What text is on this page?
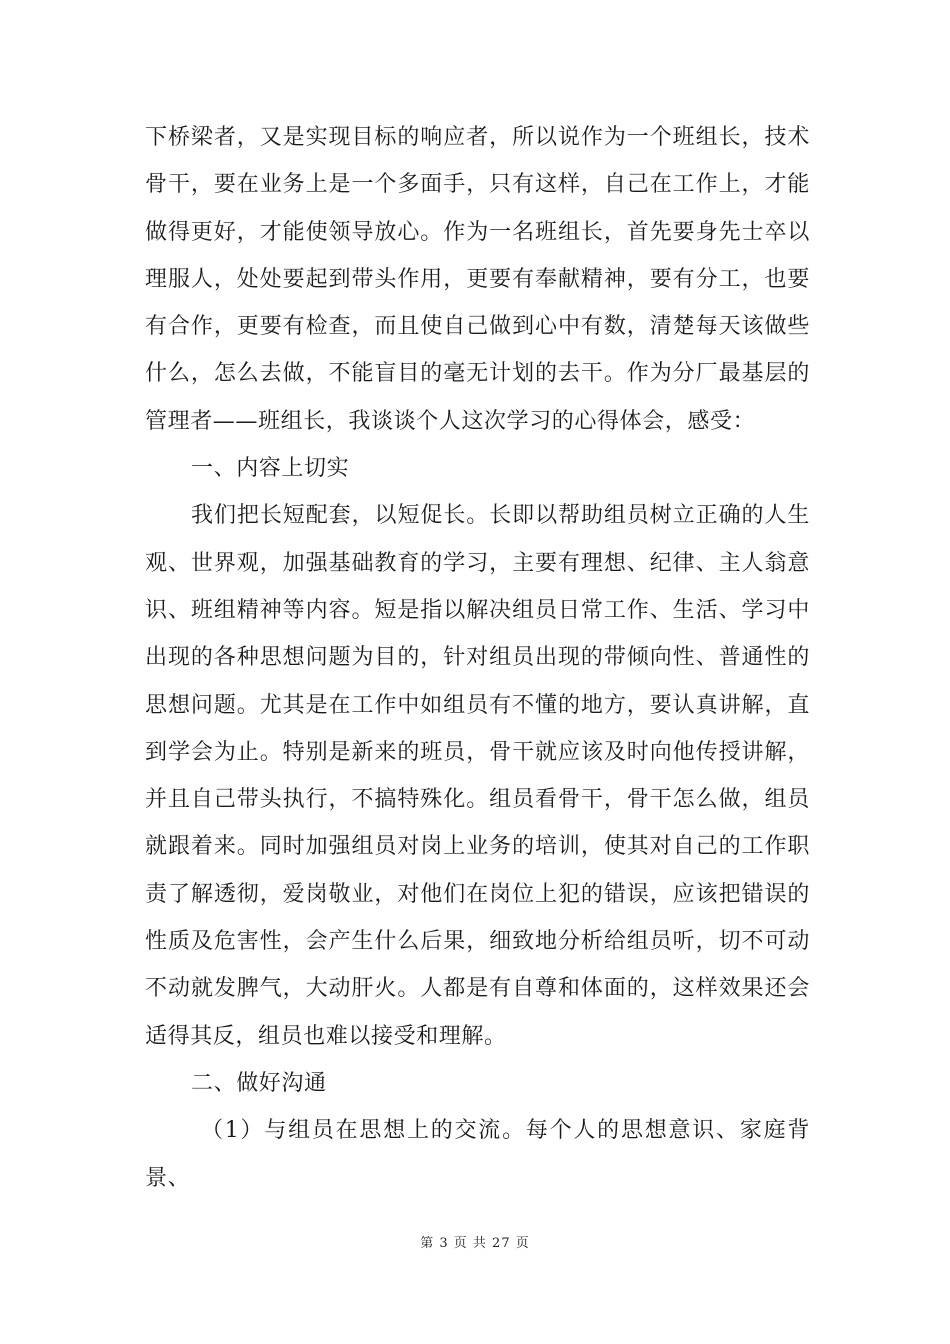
下桥梁者，又是实现目标的响应者，所以说作为一个班组长，技术骨干，要在业务上是一个多面手，只有这样，自己在工作上，才能做得更好，才能使领导放心。作为一名班组长，首先要身先士卒以理服人，处处要起到带头作用，更要有奉献精神，要有分工，也要有合作，更要有检查，而且使自己做到心中有数，清楚每天该做些什么，怎么去做，不能盲目的毫无计划的去干。作为分厂最基层的管理者——班组长，我谈谈个人这次学习的心得体会，感受：

一、内容上切实

我们把长短配套，以短促长。长即以帮助组员树立正确的人生观、世界观，加强基础教育的学习，主要有理想、纪律、主人翁意识、班组精神等内容。短是指以解决组员日常工作、生活、学习中出现的各种思想问题为目的，针对组员出现的带倾向性、普通性的思想问题。尤其是在工作中如组员有不懂的地方，要认真讲解，直到学会为止。特别是新来的班员，骨干就应该及时向他传授讲解，并且自己带头执行，不搞特殊化。组员看骨干，骨干怎么做，组员就跟着来。同时加强组员对岗上业务的培训，使其对自己的工作职责了解透彻，爱岗敬业，对他们在岗位上犯的错误，应该把错误的性质及危害性，会产生什么后果，细致地分析给组员听，切不可动不动就发脾气，大动肝火。人都是有自尊和体面的，这样效果还会适得其反，组员也难以接受和理解。

二、做好沟通

（1）与组员在思想上的交流。每个人的思想意识、家庭背景、

第 3 页 共 27 页
